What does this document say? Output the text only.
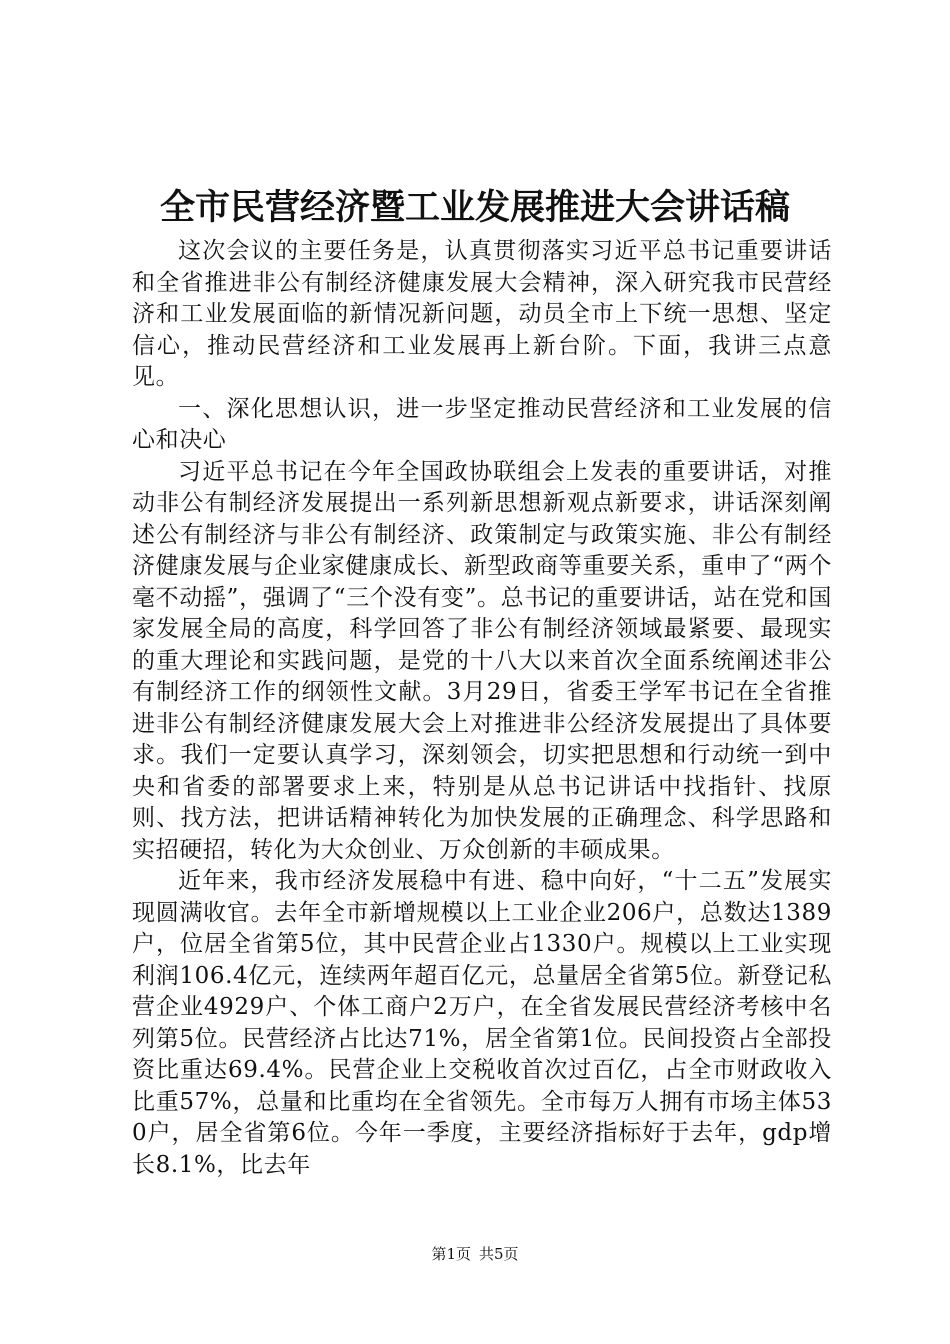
全市民营经济暨工业发展推进大会讲话稿

这次会议的主要任务是，认真贯彻落实习近平总书记重要讲话和全省推进非公有制经济健康发展大会精神，深入研究我市民营经济和工业发展面临的新情况新问题，动员全市上下统一思想、坚定信心，推动民营经济和工业发展再上新台阶。下面，我讲三点意见。

一、深化思想认识，进一步坚定推动民营经济和工业发展的信心和决心

习近平总书记在今年全国政协联组会上发表的重要讲话，对推动非公有制经济发展提出一系列新思想新观点新要求，讲话深刻阐述公有制经济与非公有制经济、政策制定与政策实施、非公有制经济健康发展与企业家健康成长、新型政商等重要关系，重申了“两个毫不动摇”，强调了“三个没有变”。总书记的重要讲话，站在党和国家发展全局的高度，科学回答了非公有制经济领域最紧要、最现实的重大理论和实践问题，是党的十八大以来首次全面系统阐述非公有制经济工作的纲领性文献。3月29日，省委王学军书记在全省推进非公有制经济健康发展大会上对推进非公经济发展提出了具体要求。我们一定要认真学习，深刻领会，切实把思想和行动统一到中央和省委的部署要求上来，特别是从总书记讲话中找指针、找原则、找方法，把讲话精神转化为加快发展的正确理念、科学思路和实招硬招，转化为大众创业、万众创新的丰硕成果。

近年来，我市经济发展稳中有进、稳中向好，“十二五”发展实现圆满收官。去年全市新增规模以上工业企业206户，总数达1389户，位居全省第5位，其中民营企业占1330户。规模以上工业实现利润106.4亿元，连续两年超百亿元，总量居全省第5位。新登记私营企业4929户、个体工商户2万户，在全省发展民营经济考核中名列第5位。民营经济占比达71%，居全省第1位。民间投资占全部投资比重达69.4%。民营企业上交税收首次过百亿，占全市财政收入比重57%，总量和比重均在全省领先。全市每万人拥有市场主体530户，居全省第6位。今年一季度，主要经济指标好于去年，gdp增长8.1%，比去年

第1页 共5页
